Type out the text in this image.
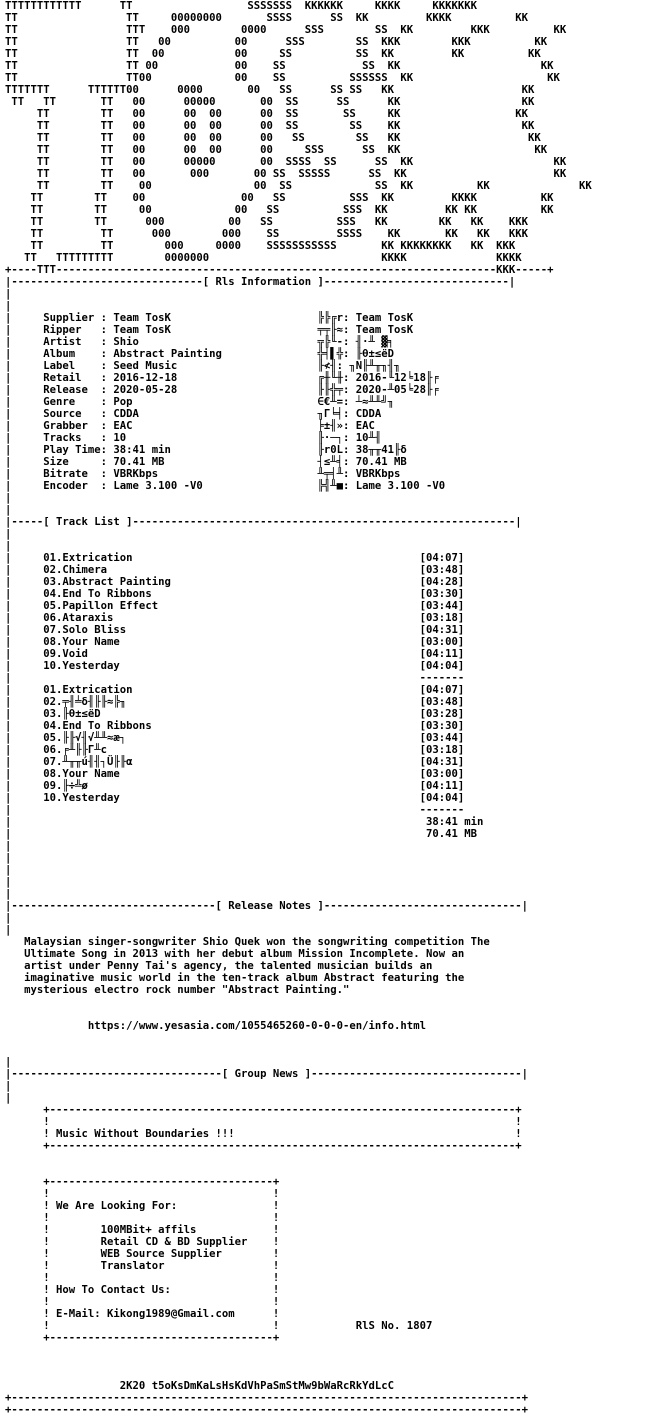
TTTTTTTTTTTT      TT                  SSSSSSS  KKKKKK     KKKK     KKKKKKK
TT                 TT     00000000       SSSS      SS  KK         KKKK          KK
TT                 TTT    000        0000      SSS        SS  KK         KKK          KK
TT                 TT   00          00      SSS        SS  KKK        KKK          KK
TT                 TT  00           00     SS          SS  KK         KK          KK
TT                 TT 00            00    SS            SS  KK                      KK
TT                 TT00             00    SS          SSSSSS  KK                     KK
TTTTTTT      TTTTTT00      0000       00   SS      SS SS   KK                    KK
TT   TT       TT   00      00000       00  SS      SS      KK                   KK
TT        TT   00      00  00      00  SS       SS     KK                  KK
TT        TT   00      00  00      00  SS        SS    KK                   KK
TT        TT   00      00  00      00   SS        SS   KK                    KK
TT        TT   00      00  00      00     SSS      SS  KK                     KK
TT        TT   00      00000       00  SSSS  SS      SS  KK                      KK
TT        TT   00       000       00 SS  SSSSS      SS  KK                       KK
TT        TT    00                00  SS             SS  KK          KK              KK
TT        TT    00               00   SS          SSS  KK         KKKK          KK
TT        TT     00             00   SS          SSS  KK         KK KK          KK
TT        TT      000          00   SS          SSS   KK        KK   KK    KKK
TT         TT      000        000    SS         SSSS    KK       KK   KK   KKK
TT         TT        000     0000    SSSSSSSSSSS       KK KKKKKKKK   KK  KKK
TT   TTTTTTTTT        0000000                           KKKK              KKKK
+----TTT---------------------------------------------------------------------KKK-----+
|------------------------------[ Rls Information ]-----------------------------|
|
|
|     Supplier : Team TosK                       ╠╠╔r: Team TosK
|     Ripper   : Team TosK                       ╤╤╟≈: Team TosK
|     Artist   : Shio                            ╦╠╙-: ╢·╨ ▓╕
|     Album    : Abstract Painting               ╬╡▌╬: ╟θ±≤ëD
|     Label    : Seed Music                      ╟≮╢: ╖N╟╨╥╖╢╖
|     Retail   : 2016-12-18                      ╔╫╙╫: 2016-╙12╘18╟╒
|     Release  : 2020-05-28                      ╟╟╬╤: 2020-╨05╘28╟╒
|     Genre    : Pop                             ∈€╨=: ┴≈╨╨╝╖
|     Source   : CDDA                            ╖Γ╘╡: CDDA
|     Grabber  : EAC                             ╞±╢»: EAC
|     Tracks   : 10                              ╟·─┐: 10╨╢
|     Play Time: 38:41 min                       ╟r0L: 38╥╥41╟δ
|     Size     : 70.41 MB                        ┤≤╨╡: 70.41 MB
|     Bitrate  : VBRKbps                         ╨╤╡╨: VBRKbps
|     Encoder  : Lame 3.100 -V0                  ╠╣╨■: Lame 3.100 -V0
|
|
|-----[ Track List ]------------------------------------------------------------|
|
|
|     01.Extrication                                             [04:07]
|     02.Chimera                                                 [03:48]
|     03.Abstract Painting                                       [04:28]
|     04.End To Ribbons                                          [03:30]
|     05.Papillon Effect                                         [03:44]
|     06.Ataraxis                                                [03:18]
|     07.Solo Bliss                                              [04:31]
|     08.Your Name                                               [03:00]
|     09.Void                                                    [04:11]
|     10.Yesterday                                               [04:04]
|                                                                -------
|     01.Extrication                                             [04:07]
|     02.╤╢╧δ╢╟╟≈╠╖                                              [03:48]
|     03.╟θ±≤ëD                                                  [03:28]
|     04.End To Ribbons                                          [03:30]
|     05.╟╟√╢√╨╨≈æ┐                                              [03:44]
|     06.╒╨╟╟Γ╨c                                                 [03:18]
|     07.╨╥╥ú╢╢┐Ü╟╟α                                             [04:31]
|     08.Your Name                                               [03:00]
|     09.╟÷╩ø                                                    [04:11]
|     10.Yesterday                                               [04:04]
|                                                                -------
|                                                                 38:41 min
|                                                                 70.41 MB
|
|
|
|
|
|--------------------------------[ Release Notes ]-------------------------------|
|
|
Malaysian singer-songwriter Shio Quek won the songwriting competition The
Ultimate Song in 2013 with her debut album Mission Incomplete. Now an
artist under Penny Tai's agency, the talented musician builds an
imaginative music world in the ten-track album Abstract featuring the
mysterious electro rock number "Abstract Painting."
https://www.yesasia.com/1055465260-0-0-0-en/info.html
|
|---------------------------------[ Group News ]---------------------------------|
|
|
+-------------------------------------------------------------------------+
!                                                                         !
! Music Without Boundaries !!!                                            !
+-------------------------------------------------------------------------+
+-----------------------------------+
!                                   !
! We Are Looking For:               !
!                                   !
!        100MBit+ affils            !
!        Retail CD & BD Supplier    !
!        WEB Source Supplier        !
!        Translator                 !
!                                   !
! How To Contact Us:                !
!                                   !
! E-Mail: Kikong1989@Gmail.com      !
!                                   !            RlS No. 1807
+-----------------------------------+
2K20 t5oKsDmKaLsHsKdVhPaSmStMw9bWaRcRkYdLcC
+--------------------------------------------------------------------------------+
+--------------------------------------------------------------------------------+
